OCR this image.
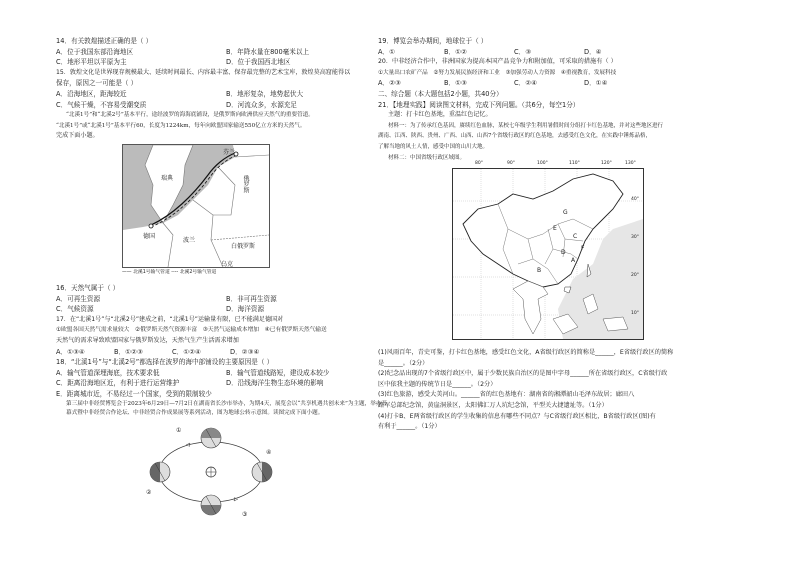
14．有关敦煌描述正确的是（ ）
A．位于我国东部沿海地区	B．年降水量在800毫米以上
C．地形平坦以平原为主	D．位于我国西北地区
15．敦煌文化是世界现存规模最大、延续时间最长、内容最丰富、保存最完整的艺术宝库，敦煌莫高窟能得以
保存，原因之一可能是（ ）
A．沿海地区，距海较近	B．地形复杂，地势起伏大
C．气候干燥，不容易受潮变质	D．河流众多，水源充足
“北溪1号”和“北溪2号”基本平行，途经波罗的海海底铺设，是俄罗斯向欧洲供应天然气的重要管道。
“北溪1号”或“北溪1号”基本平行60，长度为1224km，每年向欧盟国家输送550亿立方米的天然气。
完成下面小题。
瑞典
芬兰
俄罗斯
德国
波兰
白俄罗斯
乌克
—— 北溪1号输气管道 ---- 北溪2号输气管道
16．天然气属于（ ）
A．可再生资源	B．非可再生资源
C．气候资源	D．海洋资源
17．在“北溪1号”与“北溪2号”建成之前，“北溪1号”运输量有限，已不能满足德国对
①欧盟各国天然气需求量较大　②俄罗斯天然气资源丰富　③天然气运输成本增加　④已有俄罗斯天然气输送
天然气的需求导致欧盟国家与俄罗斯发达，天然气生产生活需求增加
A．①③④	B．①②③	C．①②④	D．②③④
18．“北溪1号”与“北溪2号”都选择在波罗的海中部铺设的主要原因是（ ）
A．输气管道深埋海底，技术要求低	B．输气管道线路短，建设成本较少
C．距离沿海地区近，有利于进行运营维护	D．沿线海洋生物生态环境的影响
E．距离城市近，不易经过一个国家，受到的限制较少
第三届中非经贸博览会于2023年6月29日—7月2日在湖南省长沙市举办，为期4天，展览会以“共享机遇共创未来”为主题，举办开幕式暨中非经贸合作论坛、中非经贸合作成果展等系列活动，图为地球公转示意图。读图完成下面小题。
①
②
③
④
19．博览会举办期间，地球位于（ ）
A．①	B．①②	C．③	D．④
20．中非经济合作中，非洲国家为提高本国产品竞争力和附加值，可采取的措施有（ ）
①大量出口农矿产品　②努力发展民族经济和工业　③加强劳动人力资源　④重视教育，发展科技
A．②③	B．①③	C．②④	D．①④
二、综合题（本大题包括2小题，共40分）
21．【地理实践】阅读图文材料，完成下列问题。（共6分，每空1分）
主题：打卡红色基地，重温红色记忆。
材料一：为了传承红色基因，赓续红色血脉，某校七年级学生利用暑假时间分组打卡红色基地，并对这些地区进行
湖南、江西、陕西、贵州、广西、山西、山西7个省级行政区的红色基地，去感受红色文化，在实践中锤炼品格，
了解当地的风土人情，感受中国的山川大地。
材料二：中国省级行政区域图。
G
E
C
D
A
F
B
40°
30°
20°
10°
80°	90°	100°	110°	120°	130°
(1)风雨百年，青史可鉴，打卡红色基地，感受红色文化，A省级行政区的简称是______，E省级行政区的简称
是______。（2分）
(2)纪念品出现的7个省级行政区中，属于少数民族自治区的是图中字母______所在省级行政区，C省级行政
区中依我主题的传统节日是______。（2分）
(3)红色旅游，感受大美河山。______省的红色基地有：湖南省的湘潭韶山毛泽东故居；廊田八
路军总部纪念馆，黄崖洞景区，太阳佛汇万人坑纪念馆，平型关大捷遗址等。（1分）
(4)打卡B、E两省级行政区的学生收集的信息有哪些不同点？与C省级行政区相比，B省级行政区(图)有
有利于______。（1分）
